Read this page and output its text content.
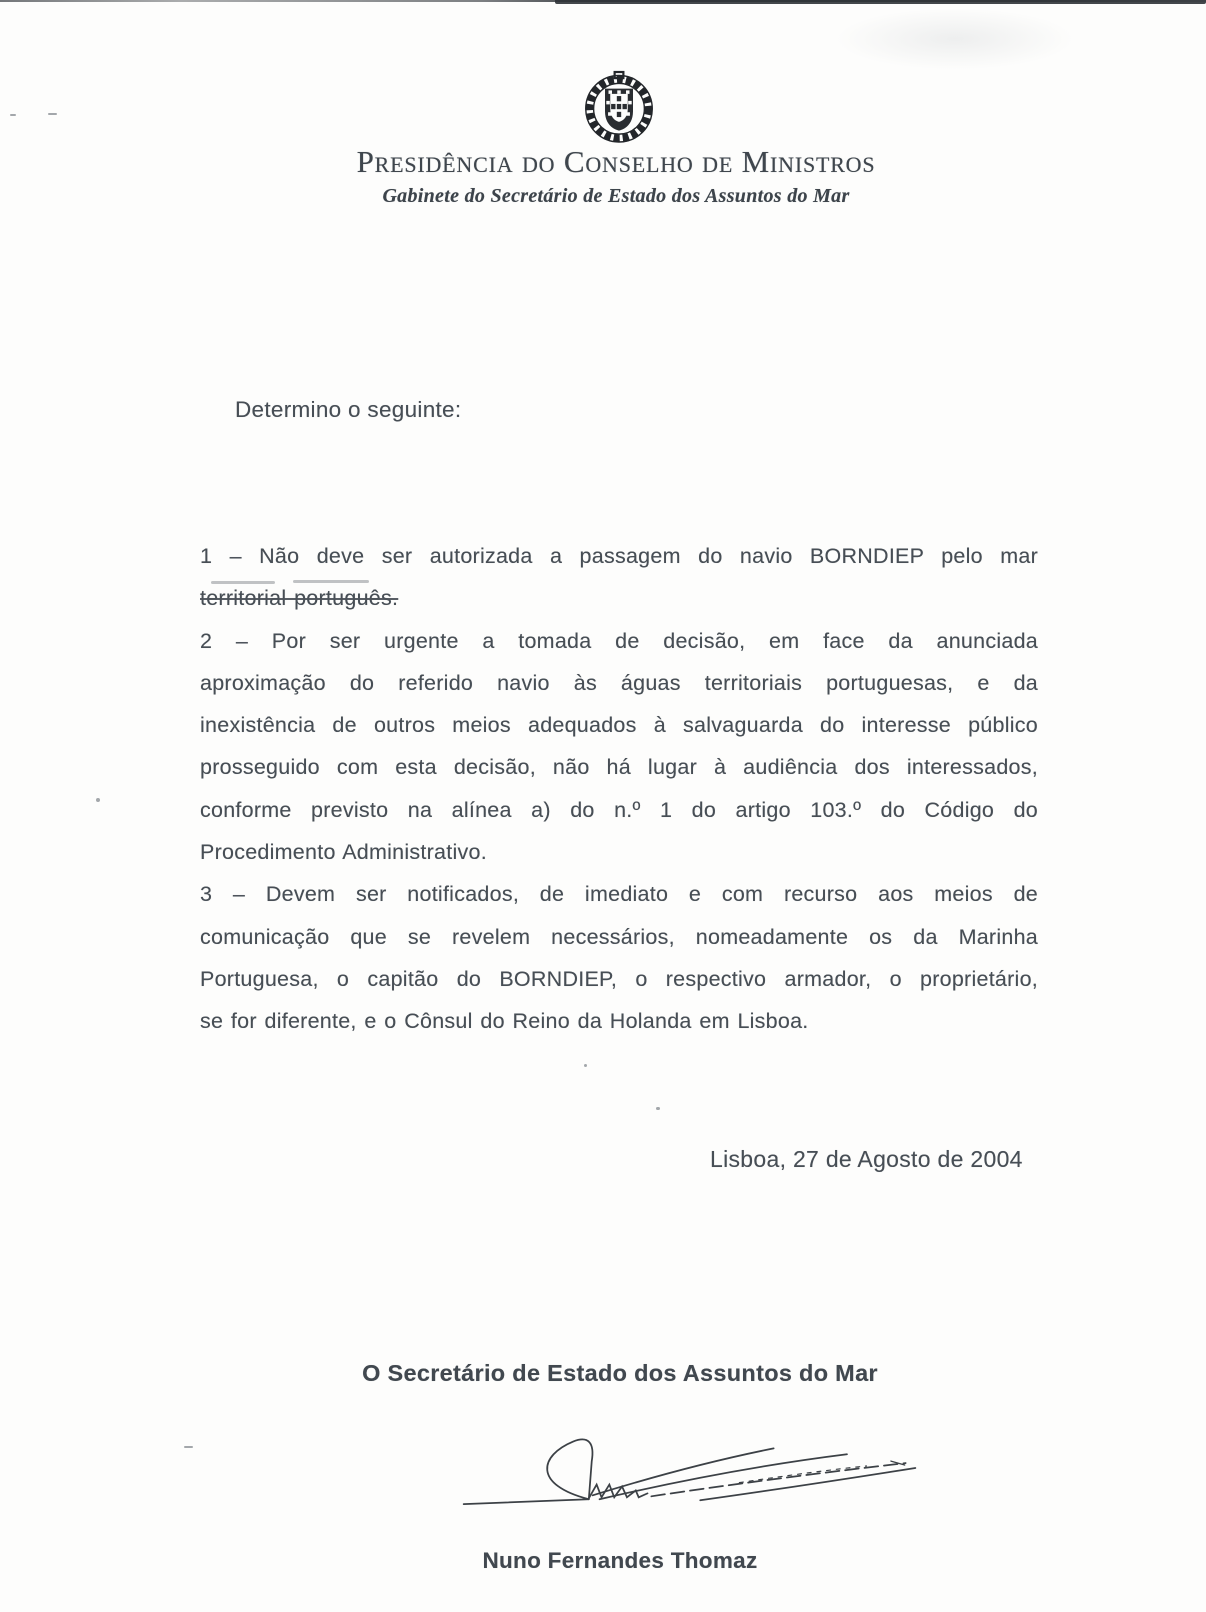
Presidência do Conselho de Ministros
Gabinete do Secretário de Estado dos Assuntos do Mar
Determino o seguinte:
1 – Não deve ser autorizada a passagem do navio BORNDIEP pelo mar
territorial português.
2 – Por ser urgente a tomada de decisão, em face da anunciada
aproximação do referido navio às águas territoriais portuguesas, e da
inexistência de outros meios adequados à salvaguarda do interesse público
prosseguido com esta decisão, não há lugar à audiência dos interessados,
conforme previsto na alínea a) do n.º 1 do artigo 103.º do Código do
Procedimento Administrativo.
3 – Devem ser notificados, de imediato e com recurso aos meios de
comunicação que se revelem necessários, nomeadamente os da Marinha
Portuguesa, o capitão do BORNDIEP, o respectivo armador, o proprietário,
se for diferente, e o Cônsul do Reino da Holanda em Lisboa.
Lisboa, 27 de Agosto de 2004
O Secretário de Estado dos Assuntos do Mar
Nuno Fernandes Thomaz
